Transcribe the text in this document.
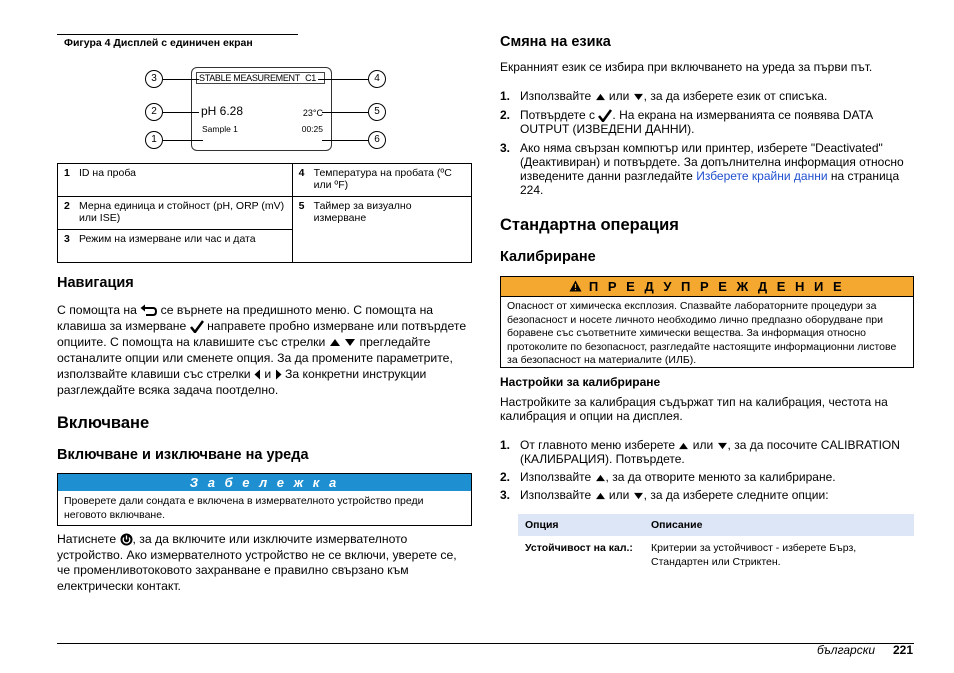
Фигура 4 Дисплей с единичен екран
STABLE MEASUREMENT C1
pH 6.28	23°C
Sample 1	00:25
3
2
1
4
5
6
1	ID на проба	4	Температура на пробата (ºC или ºF)
2	Мерна единица и стойност (pH, ORP (mV) или ISE)	5	Таймер за визуално измерване
3	Режим на измерване или час и дата		
Навигация
С помощта на се върнете на предишното меню. С помощта на клавиша за измерване направете пробно измерване или потвърдете опциите. С помощта на клавишите със стрелки	прегледайте останалите опции или сменете опция. За да промените параметрите, използвайте клавиши със стрелки и За конкретни инструкции разглеждайте всяка задача поотделно.
Включване
Включване и изключване на уреда
З а б е л е ж к а
Проверете дали сондата е включена в измервателното устройство преди неговото включване.
Натиснете , за да включите или изключите измервателното устройство. Ако измервателното устройство не се включи, уверете се, че променливотоковото захранване е правилно свързано към електрически контакт.
Смяна на езика
Екранният език се избира при включването на уреда за първи път.
1. Използвайте или , за да изберете език от списъка.
2. Потвърдете с . На екрана на измерванията се появява DATA OUTPUT (ИЗВЕДЕНИ ДАННИ).
3. Ако няма свързан компютър или принтер, изберете "Deactivated" (Деактивиран) и потвърдете. За допълнителна информация относно изведените данни разгледайте Изберете крайни данни на страница 224.
Стандартна операция
Калибриране
П Р Е Д У П Р Е Ж Д Е Н И Е
Опасност от химическа експлозия. Спазвайте лабораторните процедури за безопасност и носете личното необходимо лично предпазно оборудване при боравене със съответните химически вещества. За информация относно протоколите по безопасност, разгледайте настоящите информационни листове за безопасност на материалите (ИЛБ).
Настройки за калибриране
Настройките за калибрация съдържат тип на калибрация, честота на калибрация и опции на дисплея.
1. От главното меню изберете или , за да посочите CALIBRATION (КАЛИБРАЦИЯ). Потвърдете.
2. Използвайте , за да отворите менюто за калибриране.
3. Използвайте или , за да изберете следните опции:
Опция	Описание
Устойчивост на кал.:	Критерии за устойчивост - изберете Бърз, Стандартен или Стриктен.
български 221
